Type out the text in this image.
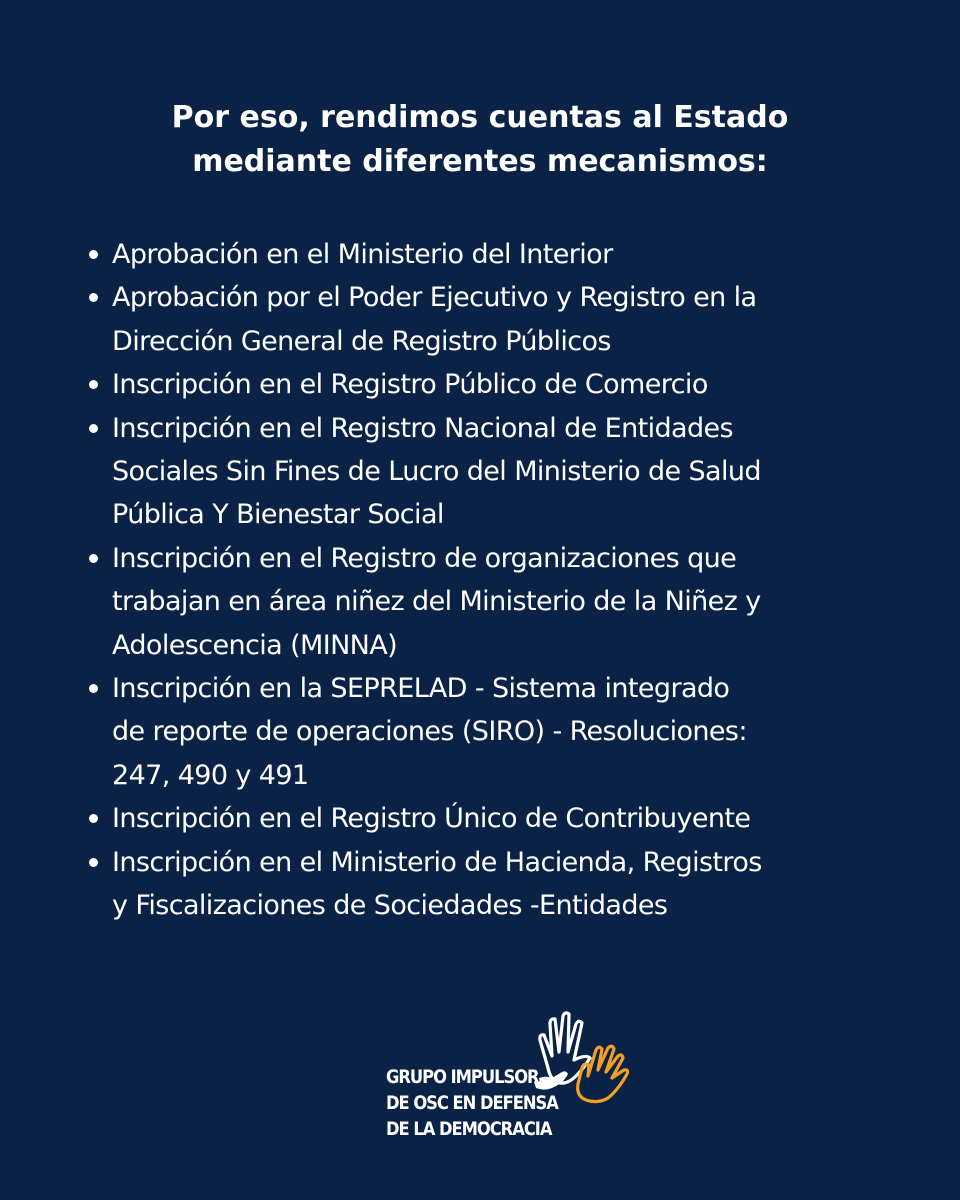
Por eso, rendimos cuentas al Estado
mediante diferentes mecanismos:
Aprobación en el Ministerio del Interior
Aprobación por el Poder Ejecutivo y Registro en la
Dirección General de Registro Públicos
Inscripción en el Registro Público de Comercio
Inscripción en el Registro Nacional de Entidades
Sociales Sin Fines de Lucro del Ministerio de Salud
Pública Y Bienestar Social
Inscripción en el Registro de organizaciones que
trabajan en área niñez del Ministerio de la Niñez y
Adolescencia (MINNA)
Inscripción en la SEPRELAD - Sistema integrado
de reporte de operaciones (SIRO) - Resoluciones:
247, 490 y 491
Inscripción en el Registro Único de Contribuyente
Inscripción en el Ministerio de Hacienda, Registros
y Fiscalizaciones de Sociedades -Entidades
GRUPO IMPULSOR
DE OSC EN DEFENSA
DE LA DEMOCRACIA
